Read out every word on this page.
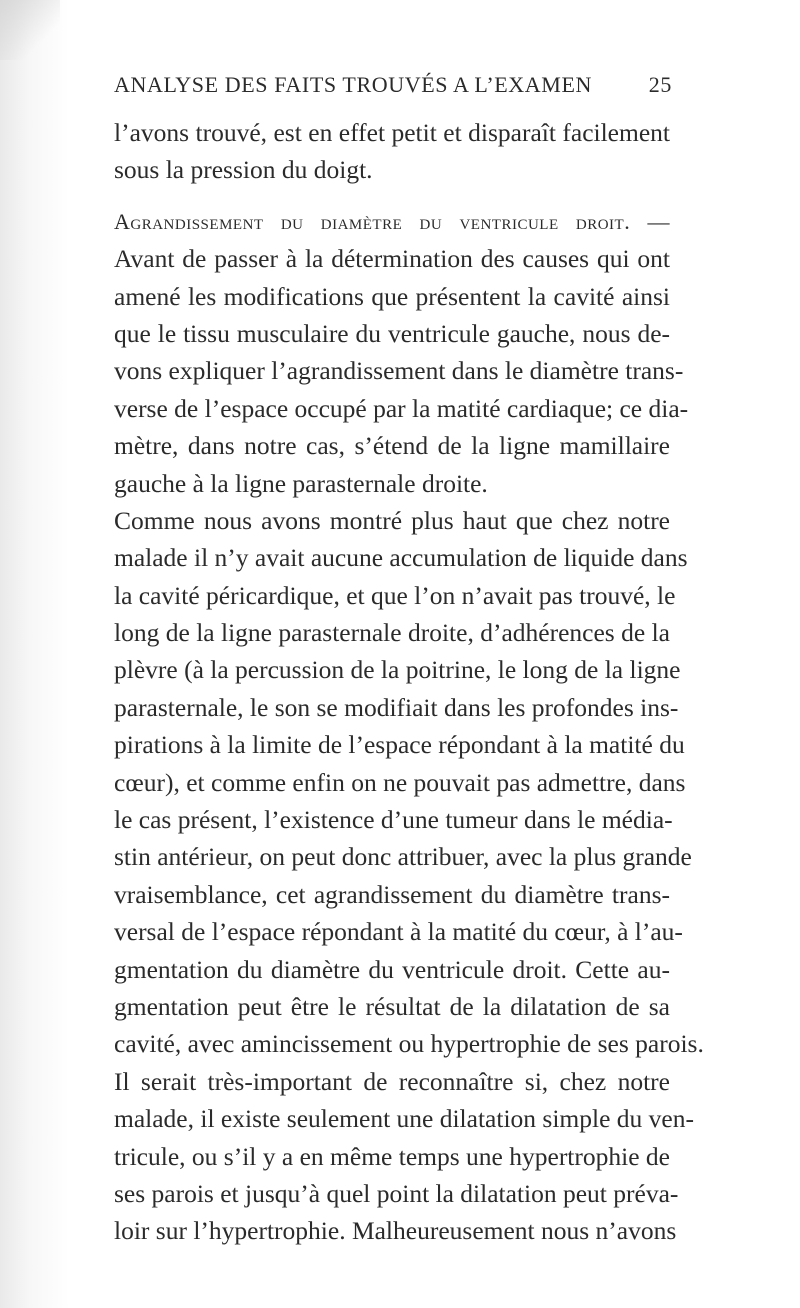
ANALYSE DES FAITS TROUVÉS A L’EXAMEN	25
l’avons trouvé, est en effet petit et disparaît facilement
sous la pression du doigt.
Agrandissement du diamètre du ventricule droit. —
Avant de passer à la détermination des causes qui ont
amené les modifications que présentent la cavité ainsi
que le tissu musculaire du ventricule gauche, nous de-
vons expliquer l’agrandissement dans le diamètre trans-
verse de l’espace occupé par la matité cardiaque; ce dia-
mètre, dans notre cas, s’étend de la ligne mamillaire
gauche à la ligne parasternale droite.
Comme nous avons montré plus haut que chez notre
malade il n’y avait aucune accumulation de liquide dans
la cavité péricardique, et que l’on n’avait pas trouvé, le
long de la ligne parasternale droite, d’adhérences de la
plèvre (à la percussion de la poitrine, le long de la ligne
parasternale, le son se modifiait dans les profondes ins-
pirations à la limite de l’espace répondant à la matité du
cœur), et comme enfin on ne pouvait pas admettre, dans
le cas présent, l’existence d’une tumeur dans le média-
stin antérieur, on peut donc attribuer, avec la plus grande
vraisemblance, cet agrandissement du diamètre trans-
versal de l’espace répondant à la matité du cœur, à l’au-
gmentation du diamètre du ventricule droit. Cette au-
gmentation peut être le résultat de la dilatation de sa
cavité, avec amincissement ou hypertrophie de ses parois.
Il serait très-important de reconnaître si, chez notre
malade, il existe seulement une dilatation simple du ven-
tricule, ou s’il y a en même temps une hypertrophie de
ses parois et jusqu’à quel point la dilatation peut préva-
loir sur l’hypertrophie. Malheureusement nous n’avons
